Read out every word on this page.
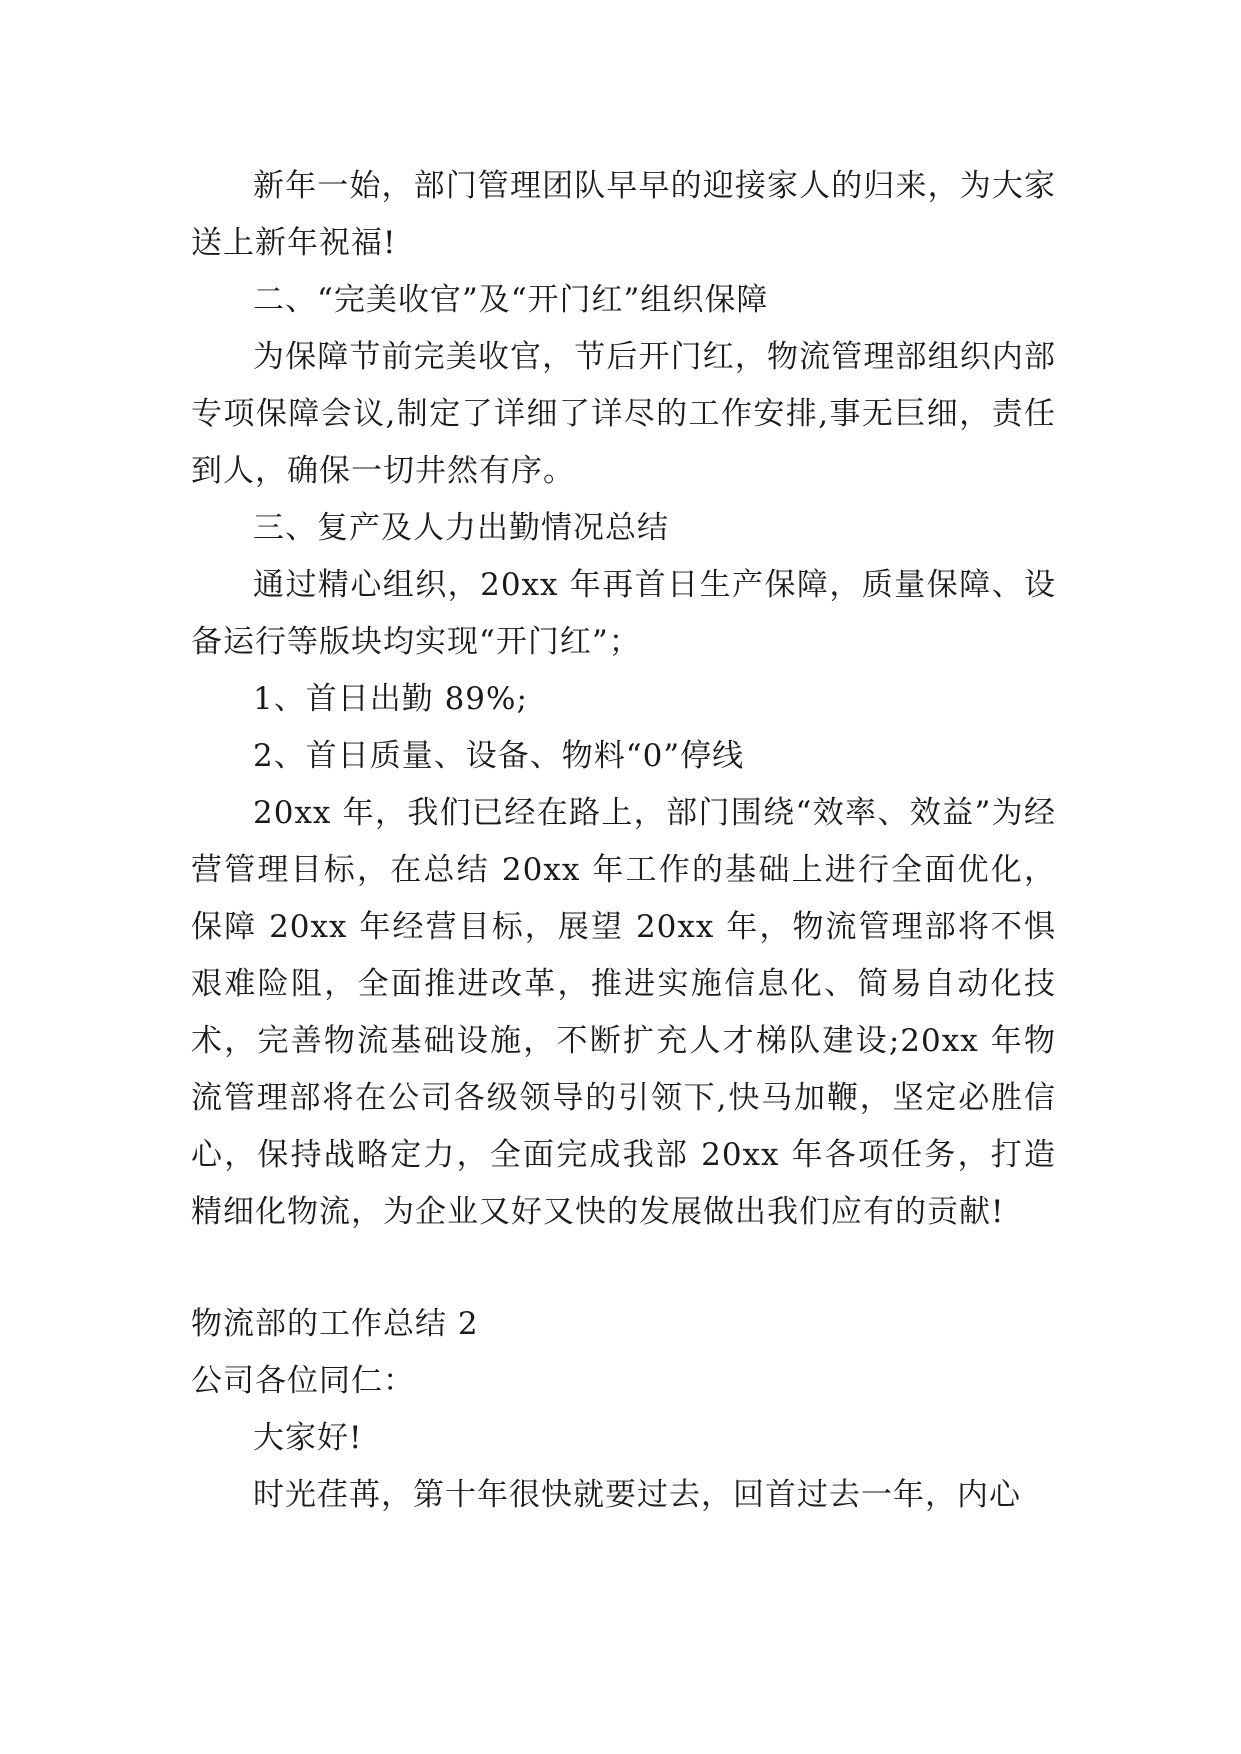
新年一始，部门管理团队早早的迎接家人的归来，为大家送上新年祝福!

二、“完美收官”及“开门红”组织保障

为保障节前完美收官，节后开门红，物流管理部组织内部专项保障会议,制定了详细了详尽的工作安排,事无巨细，责任到人，确保一切井然有序。

三、复产及人力出勤情况总结

通过精心组织，20xx 年再首日生产保障，质量保障、设备运行等版块均实现“开门红”；

1、首日出勤 89%;

2、首日质量、设备、物料“0”停线

20xx 年，我们已经在路上，部门围绕“效率、效益”为经营管理目标，在总结 20xx 年工作的基础上进行全面优化，保障 20xx 年经营目标，展望 20xx 年，物流管理部将不惧艰难险阻，全面推进改革，推进实施信息化、简易自动化技术，完善物流基础设施，不断扩充人才梯队建设;20xx 年物流管理部将在公司各级领导的引领下,快马加鞭，坚定必胜信心，保持战略定力，全面完成我部 20xx 年各项任务，打造精细化物流，为企业又好又快的发展做出我们应有的贡献!

物流部的工作总结 2

公司各位同仁：

大家好!

时光荏苒，第十年很快就要过去，回首过去一年，内心
